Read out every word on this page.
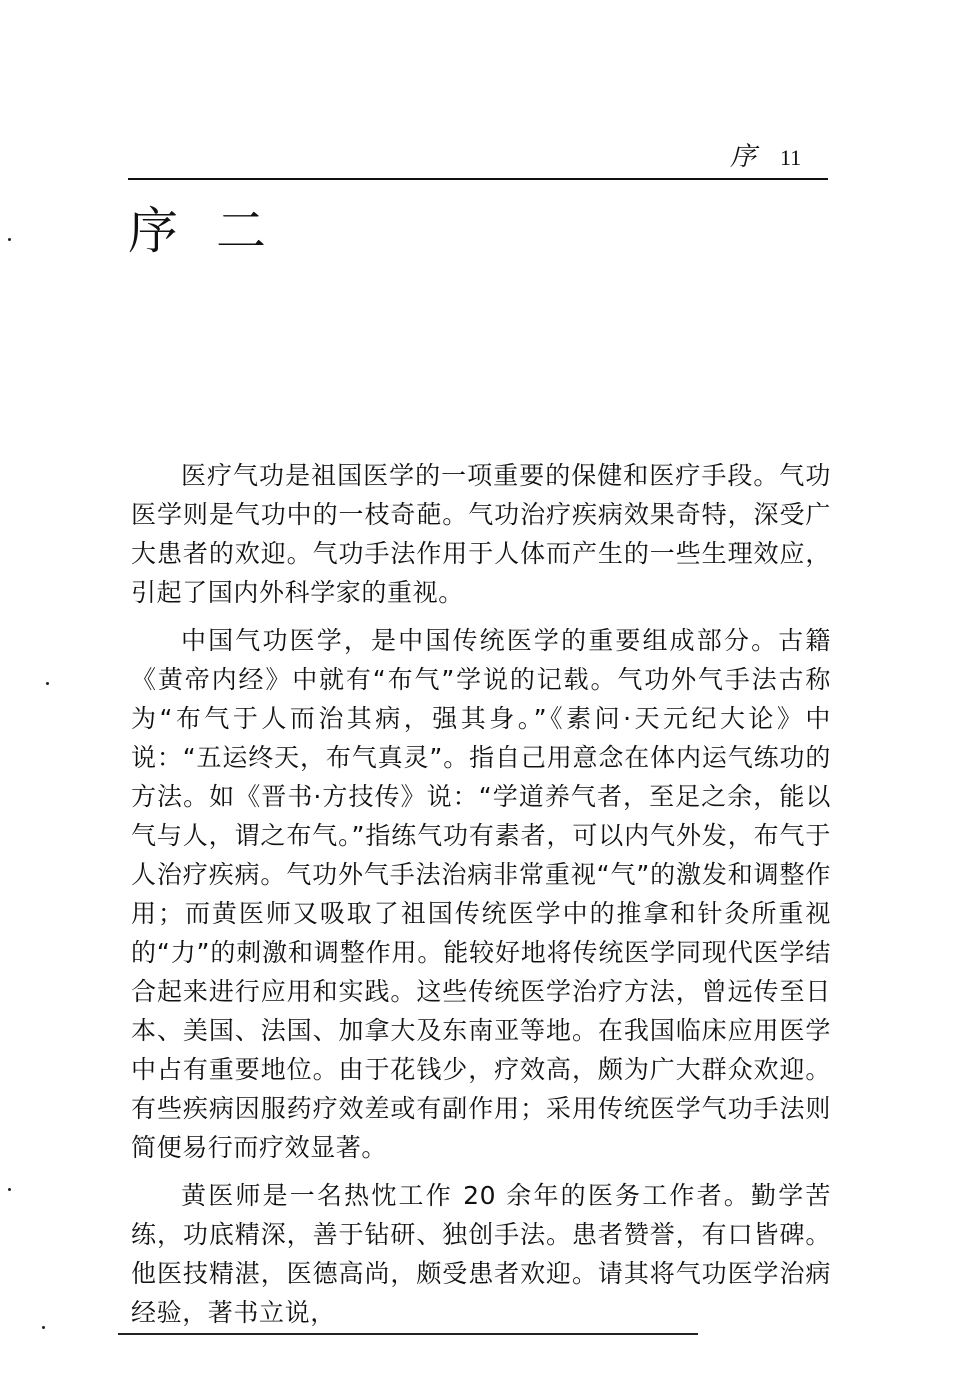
序 11
序二

医疗气功是祖国医学的一项重要的保健和医疗手段。气功医学则是气功中的一枝奇葩。气功治疗疾病效果奇特，深受广大患者的欢迎。气功手法作用于人体而产生的一些生理效应，引起了国内外科学家的重视。

中国气功医学，是中国传统医学的重要组成部分。古籍《黄帝内经》中就有“布气”学说的记载。气功外气手法古称为“布气于人而治其病，强其身。”《素问·天元纪大论》中说：“五运终天，布气真灵”。指自己用意念在体内运气练功的方法。如《晋书·方技传》说：“学道养气者，至足之余，能以气与人，谓之布气。”指练气功有素者，可以内气外发，布气于人治疗疾病。气功外气手法治病非常重视“气”的激发和调整作用；而黄医师又吸取了祖国传统医学中的推拿和针灸所重视的“力”的刺激和调整作用。能较好地将传统医学同现代医学结合起来进行应用和实践。这些传统医学治疗方法，曾远传至日本、美国、法国、加拿大及东南亚等地。在我国临床应用医学中占有重要地位。由于花钱少，疗效高，颇为广大群众欢迎。有些疾病因服药疗效差或有副作用；采用传统医学气功手法则简便易行而疗效显著。

黄医师是一名热忱工作 20 余年的医务工作者。勤学苦练，功底精深，善于钻研、独创手法。患者赞誉，有口皆碑。他医技精湛，医德高尚，颇受患者欢迎。请其将气功医学治病经验，著书立说，
